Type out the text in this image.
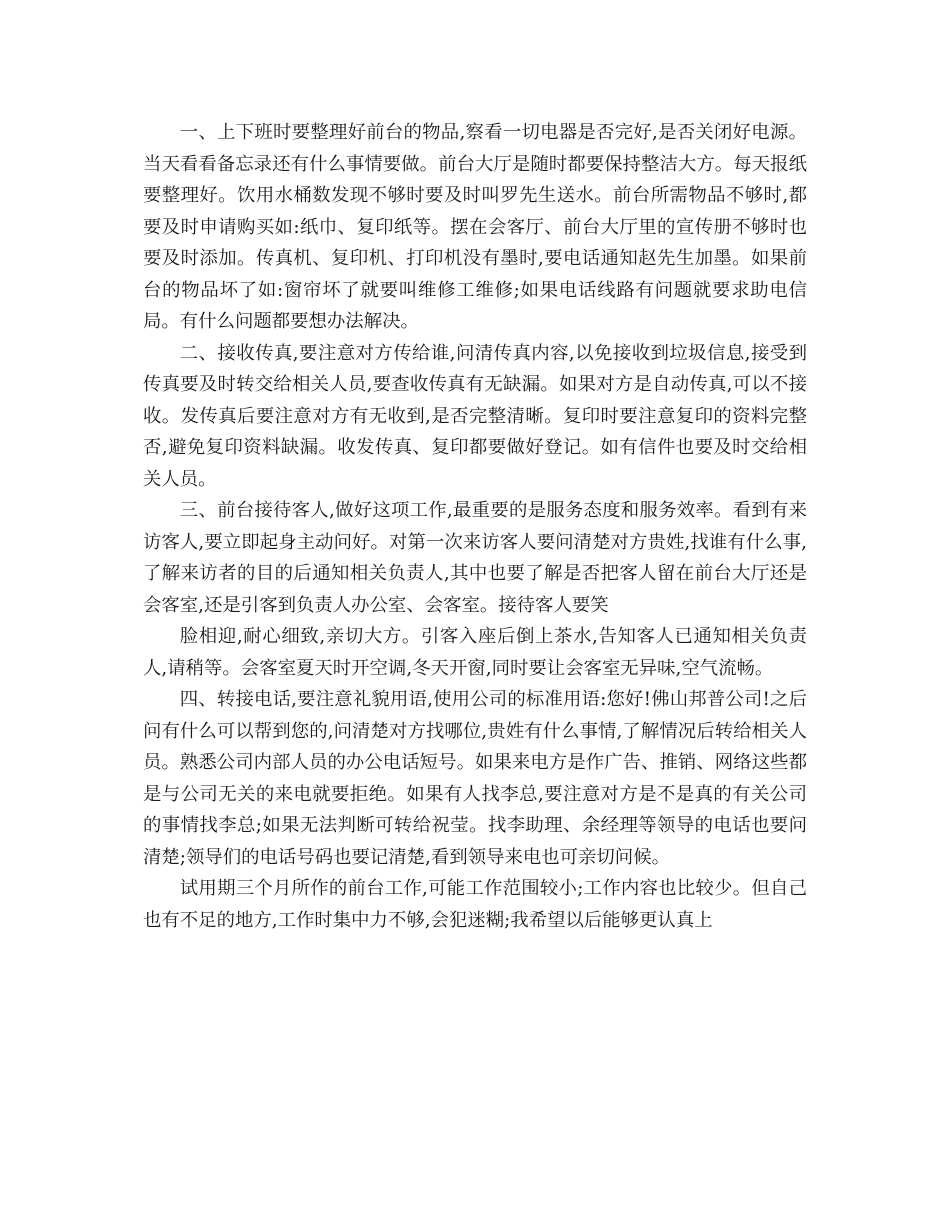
一、上下班时要整理好前台的物品,察看一切电器是否完好,是否关闭好电源。当天看看备忘录还有什么事情要做。前台大厅是随时都要保持整洁大方。每天报纸要整理好。饮用水桶数发现不够时要及时叫罗先生送水。前台所需物品不够时,都要及时申请购买如:纸巾、复印纸等。摆在会客厅、前台大厅里的宣传册不够时也要及时添加。传真机、复印机、打印机没有墨时,要电话通知赵先生加墨。如果前台的物品坏了如:窗帘坏了就要叫维修工维修;如果电话线路有问题就要求助电信局。有什么问题都要想办法解决。

二、接收传真,要注意对方传给谁,问清传真内容,以免接收到垃圾信息,接受到传真要及时转交给相关人员,要查收传真有无缺漏。如果对方是自动传真,可以不接收。发传真后要注意对方有无收到,是否完整清晰。复印时要注意复印的资料完整否,避免复印资料缺漏。收发传真、复印都要做好登记。如有信件也要及时交给相关人员。

三、前台接待客人,做好这项工作,最重要的是服务态度和服务效率。看到有来访客人,要立即起身主动问好。对第一次来访客人要问清楚对方贵姓,找谁有什么事,了解来访者的目的后通知相关负责人,其中也要了解是否把客人留在前台大厅还是会客室,还是引客到负责人办公室、会客室。接待客人要笑

脸相迎,耐心细致,亲切大方。引客入座后倒上茶水,告知客人已通知相关负责人,请稍等。会客室夏天时开空调,冬天开窗,同时要让会客室无异味,空气流畅。

四、转接电话,要注意礼貌用语,使用公司的标准用语:您好!佛山邦普公司!之后问有什么可以帮到您的,问清楚对方找哪位,贵姓有什么事情,了解情况后转给相关人员。熟悉公司内部人员的办公电话短号。如果来电方是作广告、推销、网络这些都是与公司无关的来电就要拒绝。如果有人找李总,要注意对方是不是真的有关公司的事情找李总;如果无法判断可转给祝莹。找李助理、余经理等领导的电话也要问清楚;领导们的电话号码也要记清楚,看到领导来电也可亲切问候。

试用期三个月所作的前台工作,可能工作范围较小;工作内容也比较少。但自己也有不足的地方,工作时集中力不够,会犯迷糊;我希望以后能够更认真上
